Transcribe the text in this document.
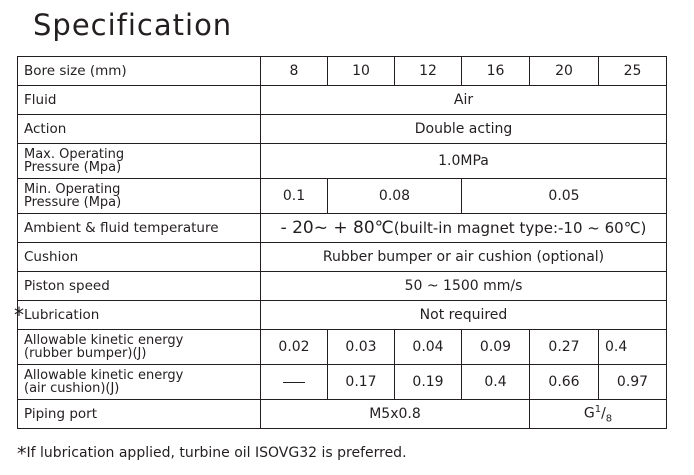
Specification
Bore size (mm)	8	10	12	16	20	25
Fluid	Air					
Action	Double acting					
Max. Operating
Pressure (Mpa)	1.0MPa					
Min. Operating
Pressure (Mpa)	0.1	0.08		0.05		
Ambient & fluid temperature	- 20~ + 80℃(built-in magnet type:-10 ~ 60℃)					
Cushion	Rubber bumper or air cushion (optional)					
Piston speed	50 ~ 1500 mm/s					
*Lubrication	Not required					
Allowable kinetic energy
(rubber bumper)(J)	0.02	0.03	0.04	0.09	0.27	0.4
Allowable kinetic energy
(air cushion)(J)		0.17	0.19	0.4	0.66	0.97
Piping port	M5x0.8				$G^1/_8$
*If lubrication applied, turbine oil ISOVG32 is preferred.
